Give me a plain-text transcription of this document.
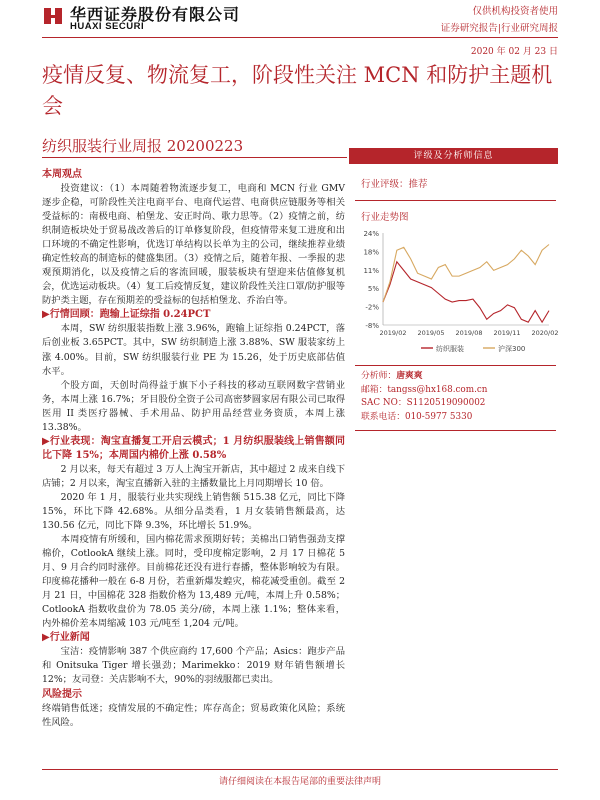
华西证券股份有限公司
HUAXI SECURI
仅供机构投资者使用
证券研究报告|行业研究周报
2020 年 02 月 23 日
疫情反复、物流复工，阶段性关注 MCN 和防护主题机会
纺织服装行业周报 20200223
本周观点

投资建议：（1）本周随着物流逐步复工，电商和 MCN 行业 GMV 逐步企稳，可阶段性关注电商平台、电商代运营、电商供应链服务等相关受益标的：南极电商、柏堡龙、安正时尚、歌力思等。（2）疫情之前，纺织制造板块处于贸易战改善后的订单修复阶段，但疫情带来复工进度和出口环境的不确定性影响，优选订单结构以长单为主的公司，继续推荐业绩确定性较高的制造标的健盛集团。（3）疫情之后，随着年报、一季报的悲观预期消化，以及疫情之后的客流回暖，服装板块有望迎来估值修复机会，优选运动板块。（4）复工后疫情反复，建议阶段性关注口罩/防护服等防护类主题，存在预期差的受益标的包括柏堡龙、乔治白等。

▶行情回顾：跑输上证综指 0.24PCT

本周，SW 纺织服装指数上涨 3.96%，跑输上证综指 0.24PCT，落后创业板 3.65PCT。其中，SW 纺织制造上涨 3.88%、SW 服装家纺上涨 4.00%。目前，SW 纺织服装行业 PE 为 15.26，处于历史底部估值水平。

个股方面，天创时尚得益于旗下小子科技的移动互联网数字营销业务，本周上涨 16.7%；牙目股份全资子公司高密梦圆家居有限公司已取得医用 II 类医疗器械、手术用品、防护用品经营业务资质，本周上涨 13.38%。

▶行业表现：淘宝直播复工开启云模式；1 月纺织服装线上销售额同比下降 15%；本周国内棉价上涨 0.58%

2 月以来，每天有超过 3 万人上淘宝开新店，其中超过 2 成来自线下店铺；2 月以来，淘宝直播新入驻的主播数量比上月同期增长 10 倍。

2020 年 1 月，服装行业共实现线上销售额 515.38 亿元，同比下降 15%，环比下降 42.68%。从细分品类看，1 月女装销售额最高，达 130.56 亿元，同比下降 9.3%，环比增长 51.9%。

本周疫情有所缓和，国内棉花需求预期好转；美棉出口销售强劲支撑棉价，CotlookA 继续上涨。同时，受印度棉定影响，2 月 17 日棉花 5 月、9 月合约同时涨停。目前棉花还没有进行春播，整体影响较为有限。印度棉花播种一般在 6-8 月份，若重新爆发蝗灾，棉花减受重创。截至 2 月 21 日，中国棉花 328 指数价格为 13,489 元/吨，本周上升 0.58%；CotlookA 指数收盘价为 78.05 美分/磅，本周上涨 1.1%；整体来看，内外棉价差本周缩减 103 元/吨至 1,204 元/吨。

▶行业新闻

宝洁：疫情影响 387 个供应商约 17,600 个产品；Asics：跑步产品和 Onitsuka Tiger 增长强劲；Marimekko：2019 财年销售额增长 12%；友司登：关店影响不大，90%的羽绒服都已卖出。

风险提示

终端销售低迷；疫情发展的不确定性；库存高企；贸易政策化风险；系统性风险。

评级及分析师信息
行业评级：推荐
行业走势图
24%
18%
11%
5%
-2%
-8%
2019/02 2019/05 2019/08 2019/11 2020/02
纺织服装	沪深300
分析师：唐爽爽
邮箱：tangss@hx168.com.cn
SAC NO：S1120519090002
联系电话：010-5977 5330
请仔细阅读在本报告尾部的重要法律声明
